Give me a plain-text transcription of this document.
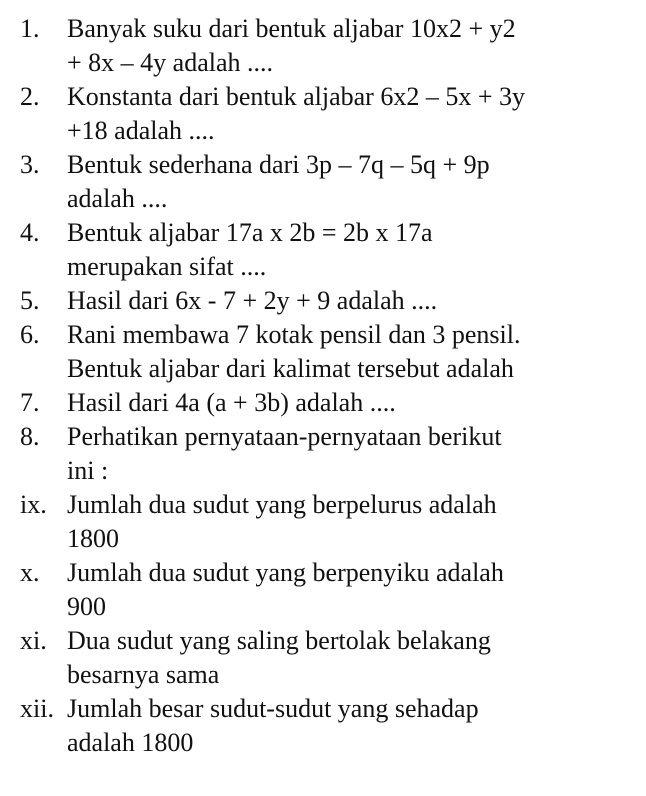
1.	Banyak suku dari bentuk aljabar 10x2 + y2
+ 8x – 4y adalah ....
2.	Konstanta dari bentuk aljabar 6x2 – 5x + 3y
+18 adalah ....
3.	Bentuk sederhana dari 3p – 7q – 5q + 9p
adalah ....
4.	Bentuk aljabar 17a x 2b = 2b x 17a
merupakan sifat ....
5.	Hasil dari 6x - 7 + 2y + 9 adalah ....
6.	Rani membawa 7 kotak pensil dan 3 pensil.
Bentuk aljabar dari kalimat tersebut adalah
7.	Hasil dari 4a (a + 3b) adalah ....
8.	Perhatikan pernyataan-pernyataan berikut
ini :
ix. Jumlah dua sudut yang berpelurus adalah
1800
x.	Jumlah dua sudut yang berpenyiku adalah
900
xi. Dua sudut yang saling bertolak belakang
besarnya sama
xii. Jumlah besar sudut-sudut yang sehadap
adalah 1800
